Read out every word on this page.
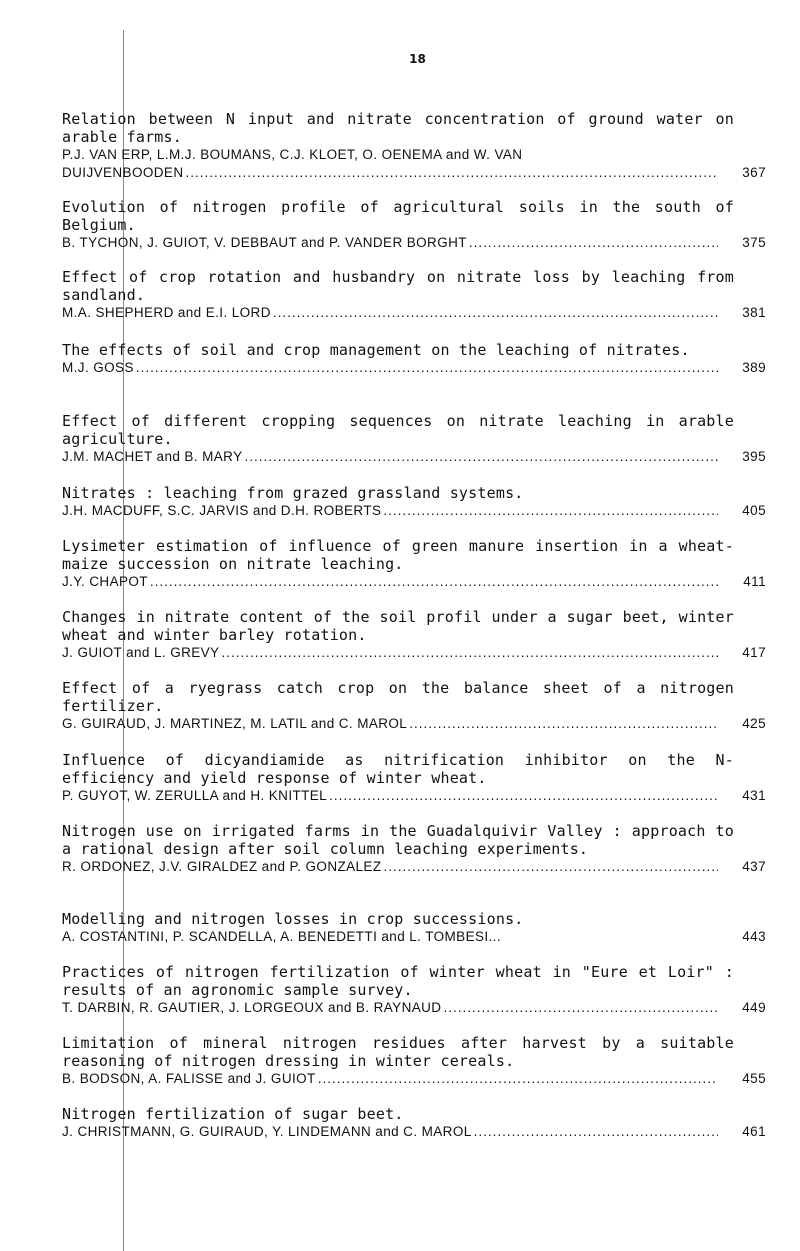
18
Relation between N input and nitrate concentration of ground water on arable farms.
P.J. VAN ERP, L.M.J. BOUMANS, C.J. KLOET, O. OENEMA and W. VAN
DUIJVENBOODEN .....	367
Evolution of nitrogen profile of agricultural soils in the south of Belgium.
B. TYCHON, J. GUIOT, V. DEBBAUT and P. VANDER BORGHT .....	375
Effect of crop rotation and husbandry on nitrate loss by leaching from sandland.
M.A. SHEPHERD and E.I. LORD .....	381
The effects of soil and crop management on the leaching of nitrates.
M.J. GOSS .....	389
Effect of different cropping sequences on nitrate leaching in arable agriculture.
J.M. MACHET and B. MARY .....	395
Nitrates : leaching from grazed grassland systems.
J.H. MACDUFF, S.C. JARVIS and D.H. ROBERTS .....	405
Lysimeter estimation of influence of green manure insertion in a wheat-maize succession on nitrate leaching.
J.Y. CHAPOT .....	411
Changes in nitrate content of the soil profil under a sugar beet, winter wheat and winter barley rotation.
J. GUIOT and L. GREVY .....	417
Effect of a ryegrass catch crop on the balance sheet of a nitrogen fertilizer.
G. GUIRAUD, J. MARTINEZ, M. LATIL and C. MAROL .....	425
Influence of dicyandiamide as nitrification inhibitor on the N-efficiency and yield response of winter wheat.
P. GUYOT, W. ZERULLA and H. KNITTEL .....	431
Nitrogen use on irrigated farms in the Guadalquivir Valley : approach to a rational design after soil column leaching experiments.
R. ORDONEZ, J.V. GIRALDEZ and P. GONZALEZ .....	437
Modelling and nitrogen losses in crop successions.
A. COSTANTINI, P. SCANDELLA, A. BENEDETTI and L. TOMBESI...	443
Practices of nitrogen fertilization of winter wheat in "Eure et Loir" : results of an agronomic sample survey.
T. DARBIN, R. GAUTIER, J. LORGEOUX and B. RAYNAUD .....	449
Limitation of mineral nitrogen residues after harvest by a suitable reasoning of nitrogen dressing in winter cereals.
B. BODSON, A. FALISSE and J. GUIOT .....	455
Nitrogen fertilization of sugar beet.
J. CHRISTMANN, G. GUIRAUD, Y. LINDEMANN and C. MAROL .....	461
